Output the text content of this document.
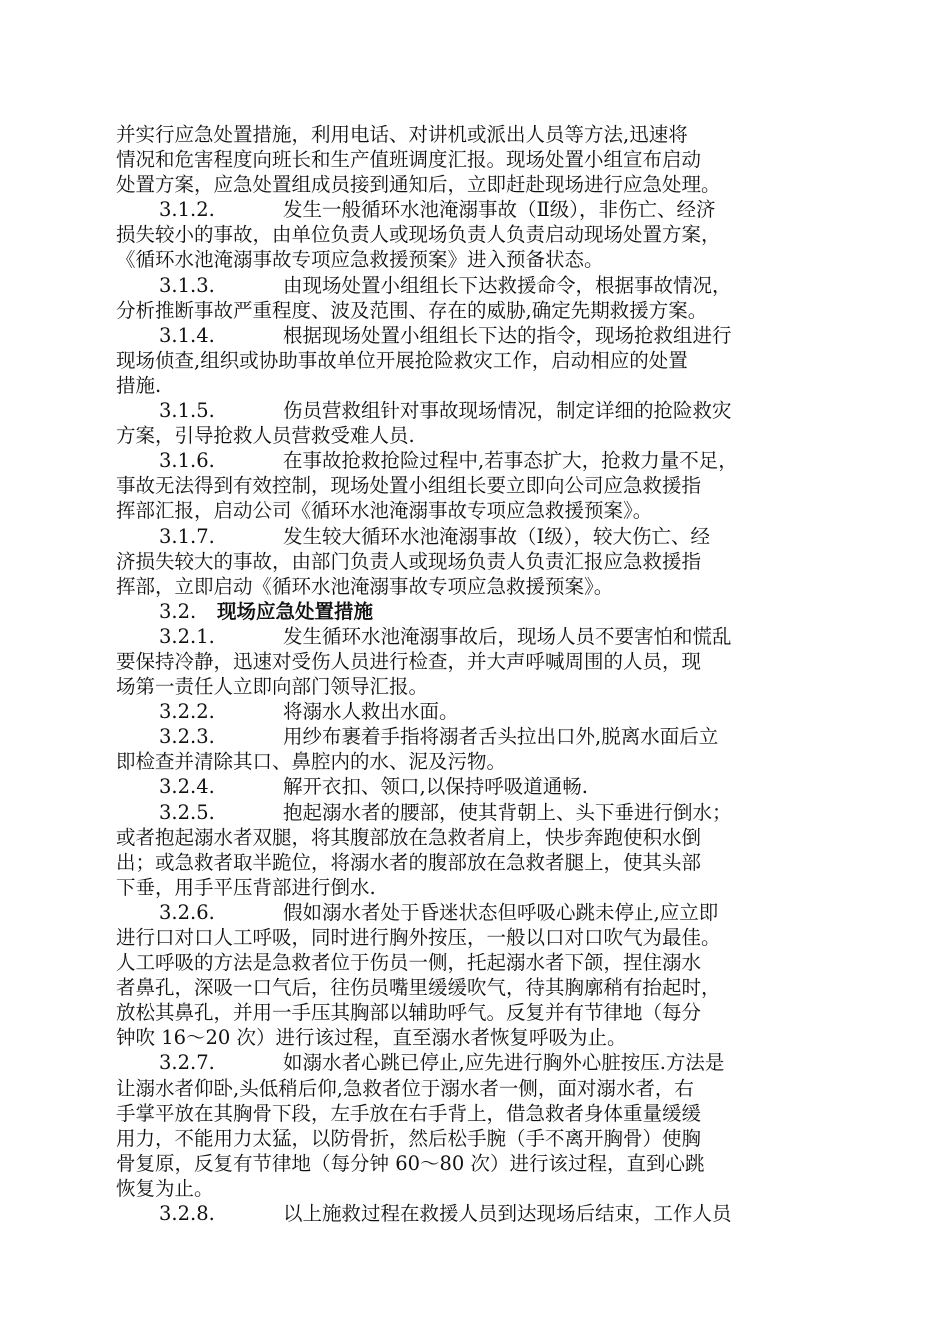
并实行应急处置措施，利用电话、对讲机或派出人员等方法,迅速将
情况和危害程度向班长和生产值班调度汇报。现场处置小组宣布启动
处置方案，应急处置组成员接到通知后，立即赶赴现场进行应急处理。
3.1.2.	发生一般循环水池淹溺事故（Ⅱ级），非伤亡、经济
损失较小的事故，由单位负责人或现场负责人负责启动现场处置方案，
《循环水池淹溺事故专项应急救援预案》进入预备状态。
3.1.3.	由现场处置小组组长下达救援命令，根据事故情况，
分析推断事故严重程度、波及范围、存在的威胁,确定先期救援方案。
3.1.4.	根据现场处置小组组长下达的指令，现场抢救组进行
现场侦查,组织或协助事故单位开展抢险救灾工作，启动相应的处置
措施.
3.1.5.	伤员营救组针对事故现场情况，制定详细的抢险救灾
方案，引导抢救人员营救受难人员.
3.1.6.	在事故抢救抢险过程中,若事态扩大，抢救力量不足，
事故无法得到有效控制，现场处置小组组长要立即向公司应急救援指
挥部汇报，启动公司《循环水池淹溺事故专项应急救援预案》。
3.1.7.	发生较大循环水池淹溺事故（Ⅰ级），较大伤亡、经
济损失较大的事故，由部门负责人或现场负责人负责汇报应急救援指
挥部，立即启动《循环水池淹溺事故专项应急救援预案》。
3.2. 现场应急处置措施
3.2.1.	发生循环水池淹溺事故后，现场人员不要害怕和慌乱
要保持冷静，迅速对受伤人员进行检查，并大声呼喊周围的人员，现
场第一责任人立即向部门领导汇报。
3.2.2.	将溺水人救出水面。
3.2.3.	用纱布裹着手指将溺者舌头拉出口外,脱离水面后立
即检查并清除其口、鼻腔内的水、泥及污物。
3.2.4.	解开衣扣、领口,以保持呼吸道通畅.
3.2.5.	抱起溺水者的腰部，使其背朝上、头下垂进行倒水；
或者抱起溺水者双腿，将其腹部放在急救者肩上，快步奔跑使积水倒
出；或急救者取半跪位，将溺水者的腹部放在急救者腿上，使其头部
下垂，用手平压背部进行倒水.
3.2.6.	假如溺水者处于昏迷状态但呼吸心跳未停止,应立即
进行口对口人工呼吸，同时进行胸外按压，一般以口对口吹气为最佳。
人工呼吸的方法是急救者位于伤员一侧，托起溺水者下颌，捏住溺水
者鼻孔，深吸一口气后，往伤员嘴里缓缓吹气，待其胸廓稍有抬起时，
放松其鼻孔，并用一手压其胸部以辅助呼气。反复并有节律地（每分
钟吹 16～20 次）进行该过程，直至溺水者恢复呼吸为止。
3.2.7.	如溺水者心跳已停止,应先进行胸外心脏按压.方法是
让溺水者仰卧,头低稍后仰,急救者位于溺水者一侧，面对溺水者，右
手掌平放在其胸骨下段，左手放在右手背上，借急救者身体重量缓缓
用力，不能用力太猛，以防骨折，然后松手腕（手不离开胸骨）使胸
骨复原，反复有节律地（每分钟 60～80 次）进行该过程，直到心跳
恢复为止。
3.2.8.	以上施救过程在救援人员到达现场后结束，工作人员
